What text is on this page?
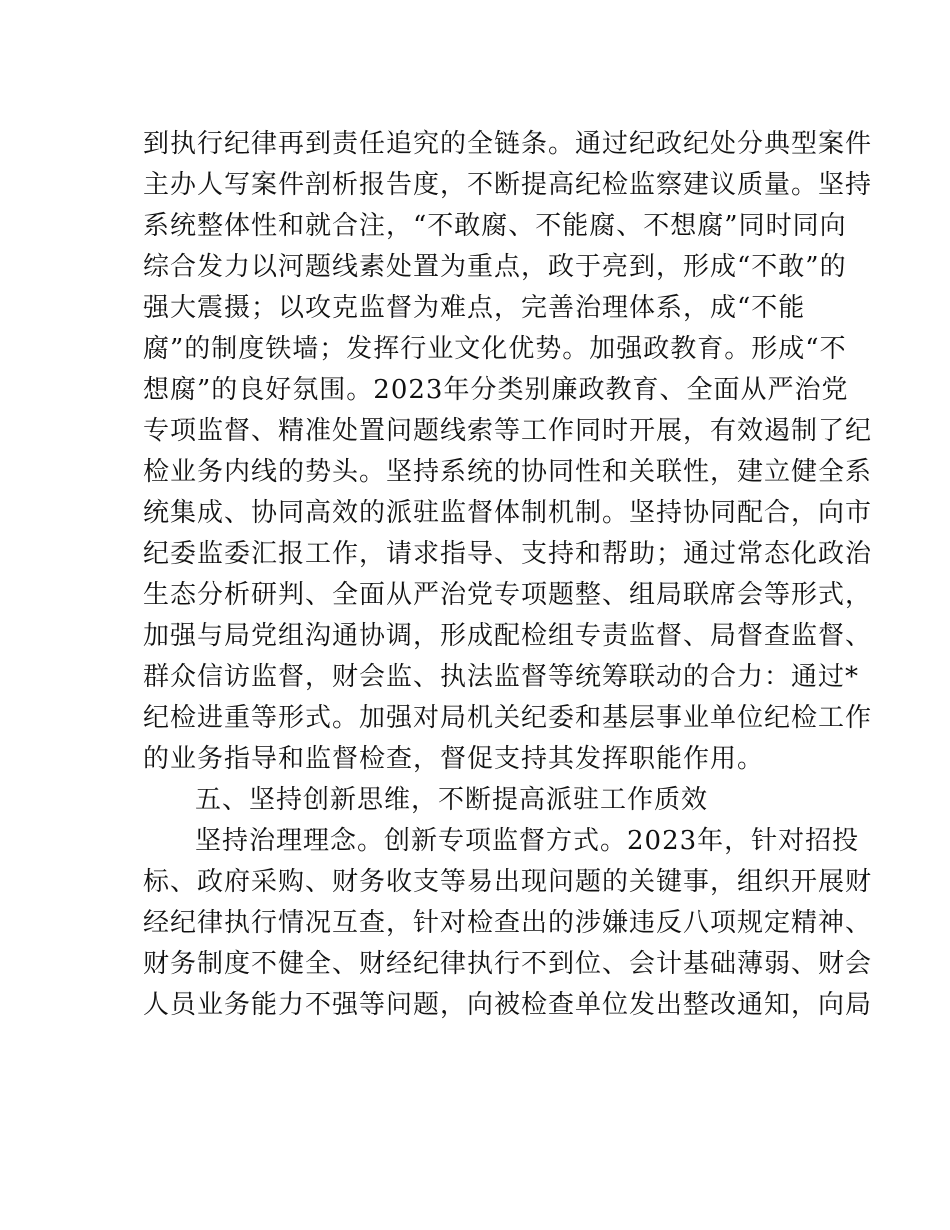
到执行纪律再到责任追究的全链条。通过纪政纪处分典型案件
主办人写案件剖析报告度，不断提高纪检监察建议质量。坚持
系统整体性和就合注，“不敢腐、不能腐、不想腐”同时同向
综合发力以河题线素处置为重点，政于亮到，形成“不敢”的
强大震摄；以攻克监督为难点，完善治理体系，成“不能
腐”的制度铁墙；发挥行业文化优势。加强政教育。形成“不
想腐”的良好氛围。2023年分类别廉政教育、全面从严治党
专项监督、精准处置问题线索等工作同时开展，有效遏制了纪
检业务内线的势头。坚持系统的协同性和关联性，建立健全系
统集成、协同高效的派驻监督体制机制。坚持协同配合，向市
纪委监委汇报工作，请求指导、支持和帮助；通过常态化政治
生态分析研判、全面从严治党专项题整、组局联席会等形式，
加强与局党组沟通协调，形成配检组专责监督、局督查监督、
群众信访监督，财会监、执法监督等统筹联动的合力：通过*
纪检进重等形式。加强对局机关纪委和基层事业单位纪检工作
的业务指导和监督检查，督促支持其发挥职能作用。
五、坚持创新思维，不断提高派驻工作质效
坚持治理理念。创新专项监督方式。2023年，针对招投
标、政府采购、财务收支等易出现问题的关键事，组织开展财
经纪律执行情况互查，针对检查出的涉嫌违反八项规定精神、
财务制度不健全、财经纪律执行不到位、会计基础薄弱、财会
人员业务能力不强等问题，向被检查单位发出整改通知，向局
